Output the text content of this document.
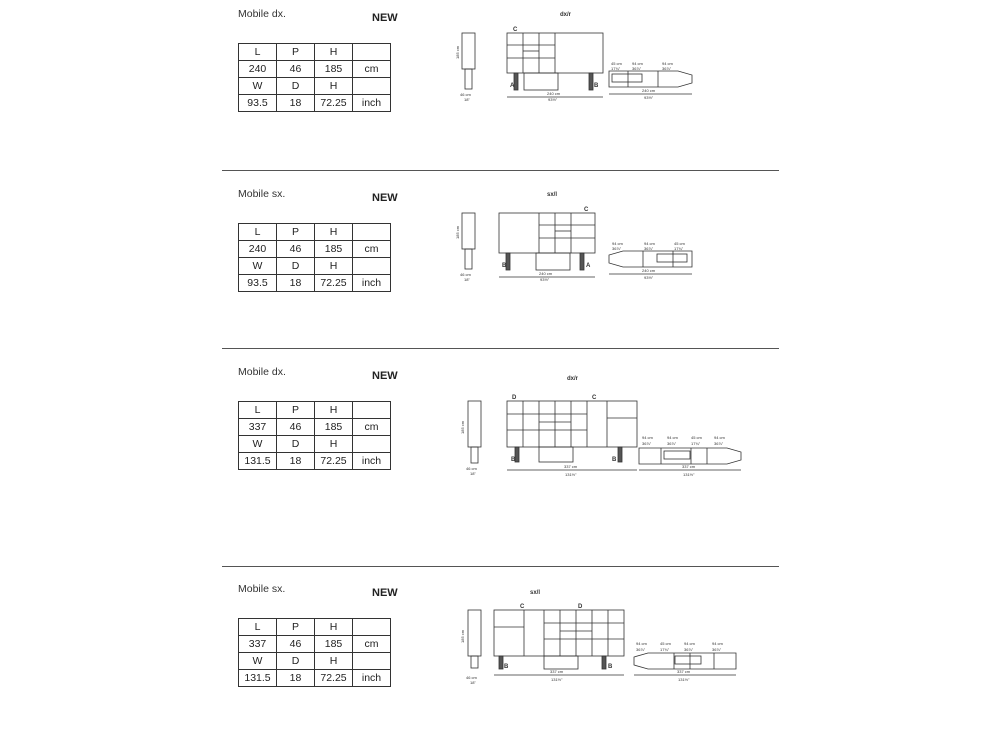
Mobile dx.	NEW
L	P	H	
240	46	185	cm
W	D	H	
93.5	18	72.25	inch
dx/r
C
A	B
46 cm
18"
185 cm
240 cm
93½"
240 cm
93½"
45 cm	94 cm	94 cm
17¾"	36⅞"	36⅞"
Mobile sx.	NEW
L	P	H	
240	46	185	cm
W	D	H	
93.5	18	72.25	inch
sx/l
C
B	A
46 cm
18"
185 cm
240 cm
93½"
240 cm
93½"
94 cm	94 cm	45 cm
36⅞"	36⅞"	17¾"
Mobile dx.	NEW
L	P	H	
337	46	185	cm
W	D	H	
131.5	18	72.25	inch
dx/r
D	C
B	B
46 cm
18"
185 cm
337 cm
131½"
337 cm
131½"
94 cm	94 cm	45 cm	94 cm
36⅞"	36⅞"	17¾"	36⅞"
Mobile sx.	NEW
L	P	H	
337	46	185	cm
W	D	H	
131.5	18	72.25	inch
sx/l
C	D
B	B
46 cm
18"
185 cm
337 cm
131½"
337 cm
131½"
94 cm	45 cm	94 cm	94 cm
36⅞"	17¾"	36⅞"	36⅞"
